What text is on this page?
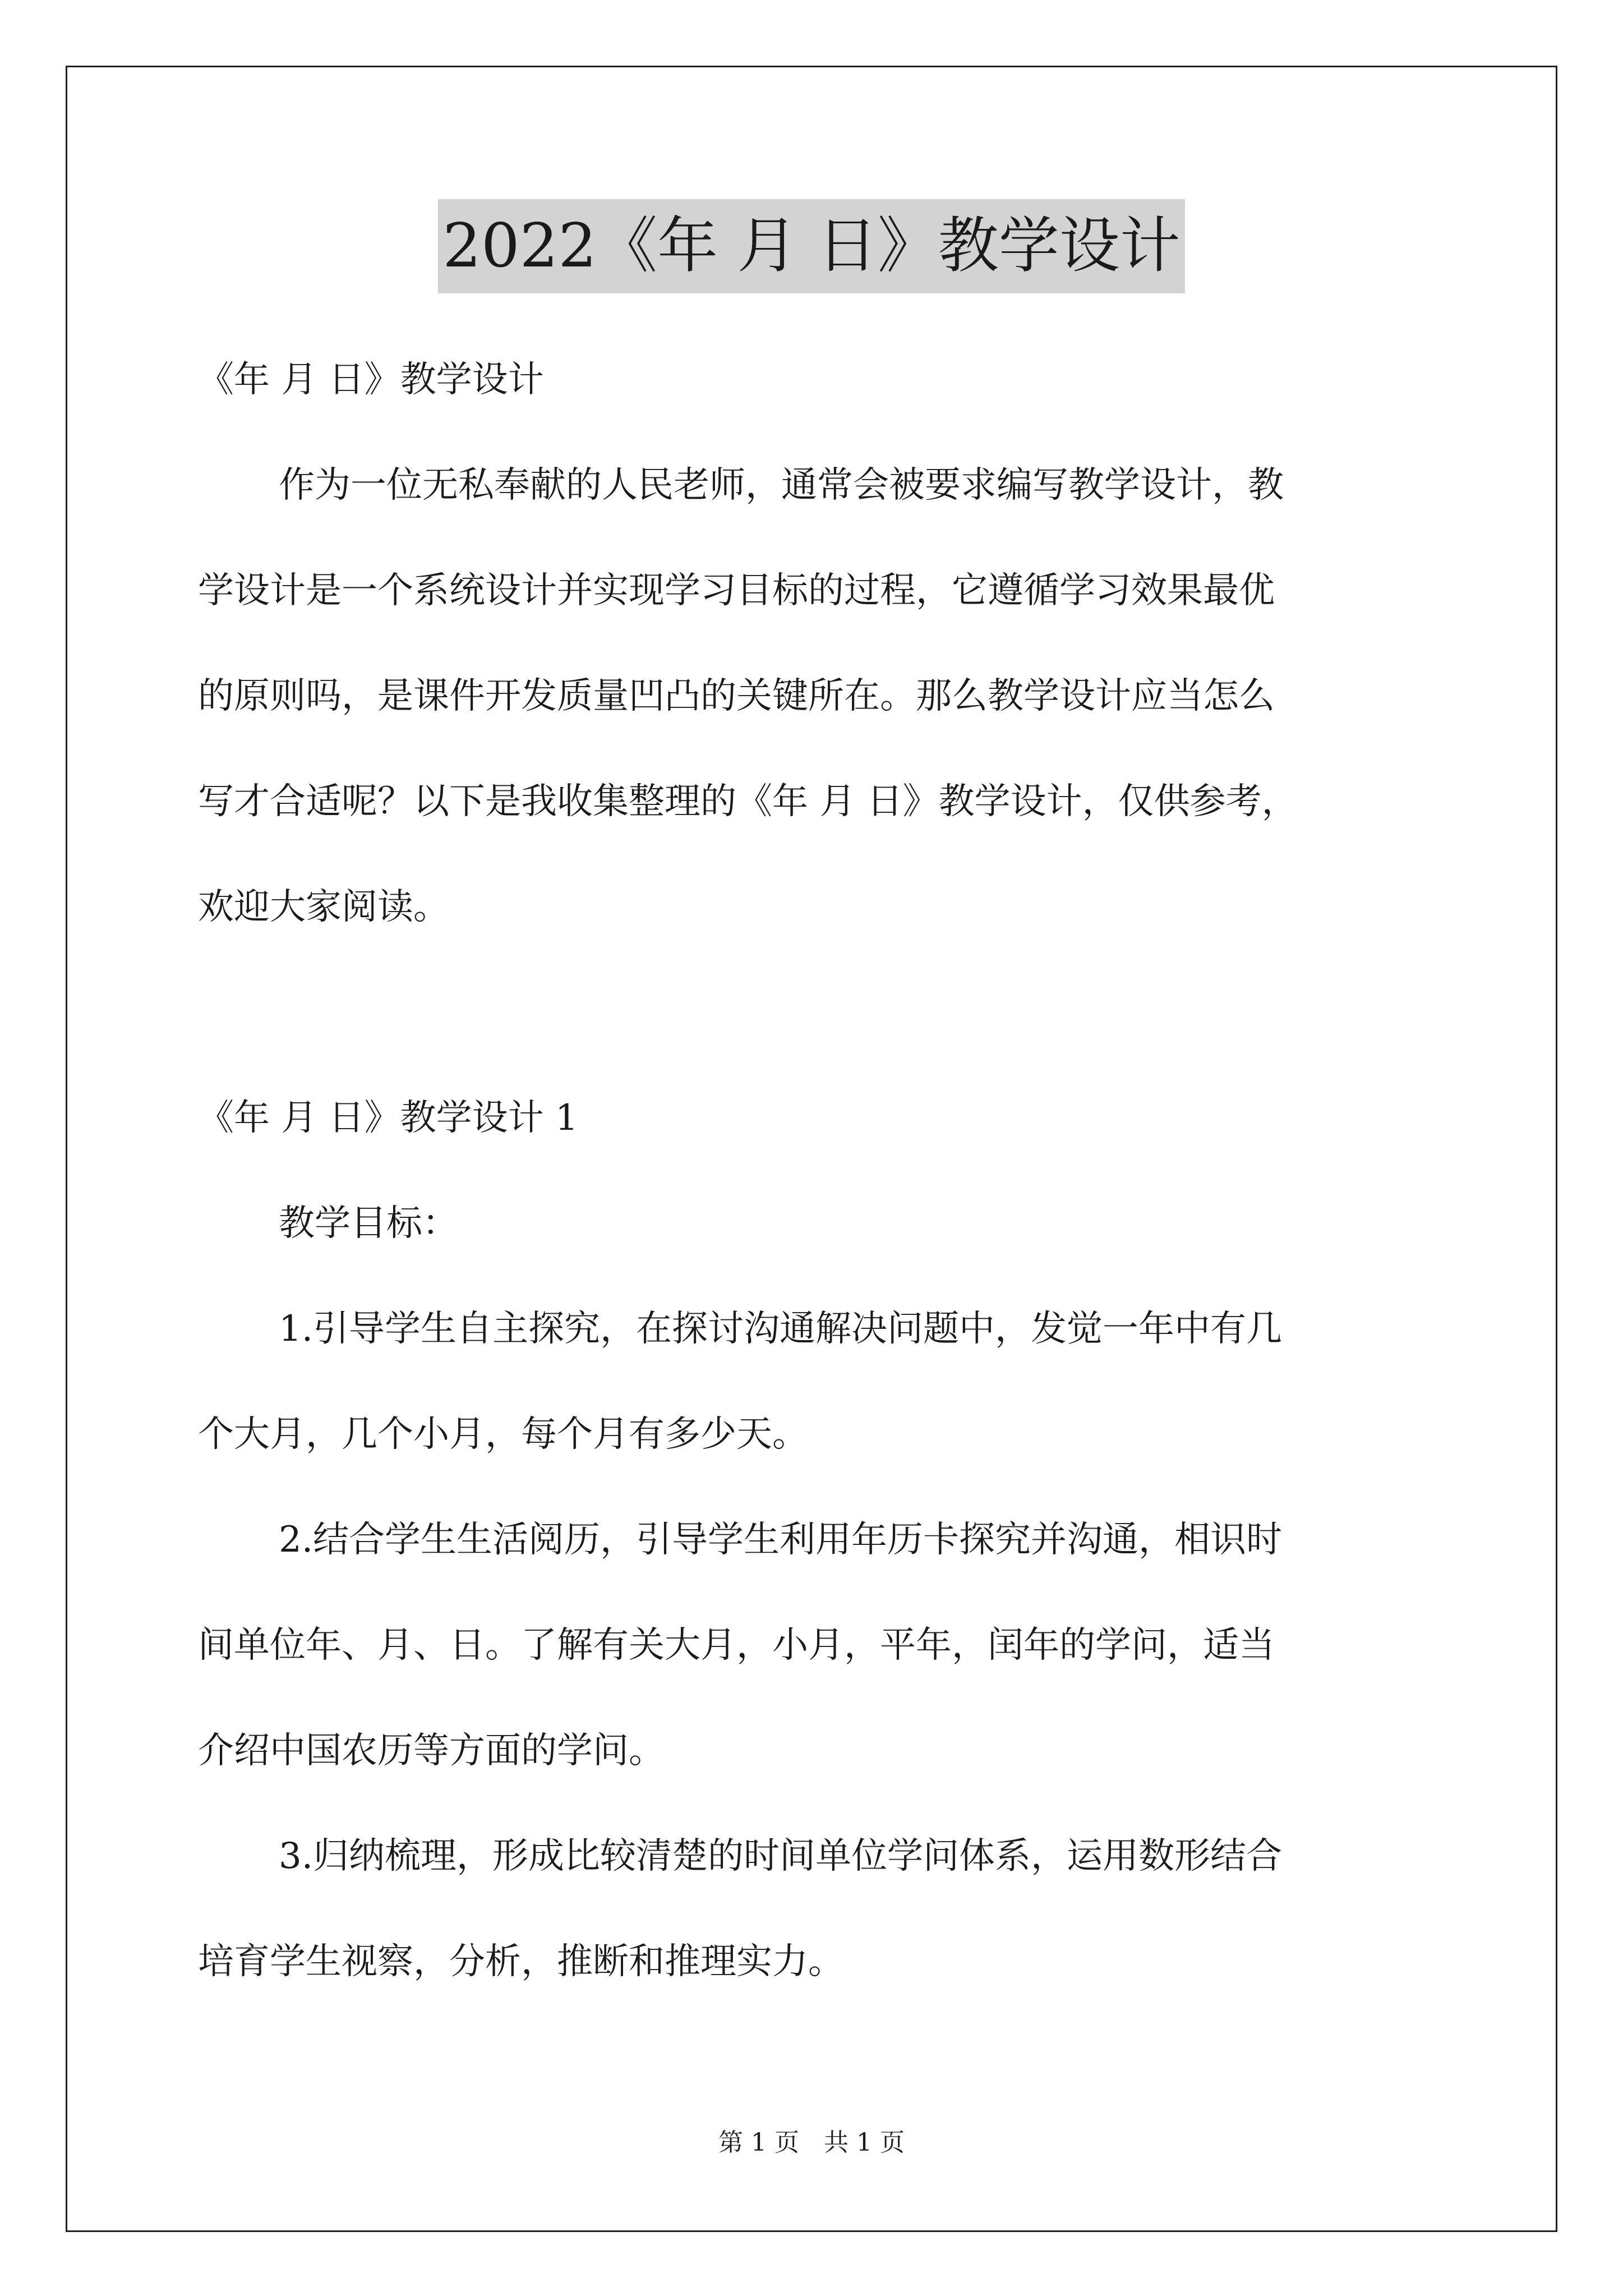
2022《年 月 日》教学设计

《年 月 日》教学设计

作为一位无私奉献的人民老师，通常会被要求编写教学设计，教

学设计是一个系统设计并实现学习目标的过程，它遵循学习效果最优

的原则吗，是课件开发质量凹凸的关键所在。那么教学设计应当怎么

写才合适呢？以下是我收集整理的《年 月 日》教学设计，仅供参考，

欢迎大家阅读。

《年 月 日》教学设计 1

教学目标：

1.引导学生自主探究，在探讨沟通解决问题中，发觉一年中有几

个大月，几个小月，每个月有多少天。

2.结合学生生活阅历，引导学生利用年历卡探究并沟通，相识时

间单位年、月、日。了解有关大月，小月，平年，闰年的学问，适当

介绍中国农历等方面的学问。

3.归纳梳理，形成比较清楚的时间单位学问体系，运用数形结合

培育学生视察，分析，推断和推理实力。

第 1 页　共 1 页
